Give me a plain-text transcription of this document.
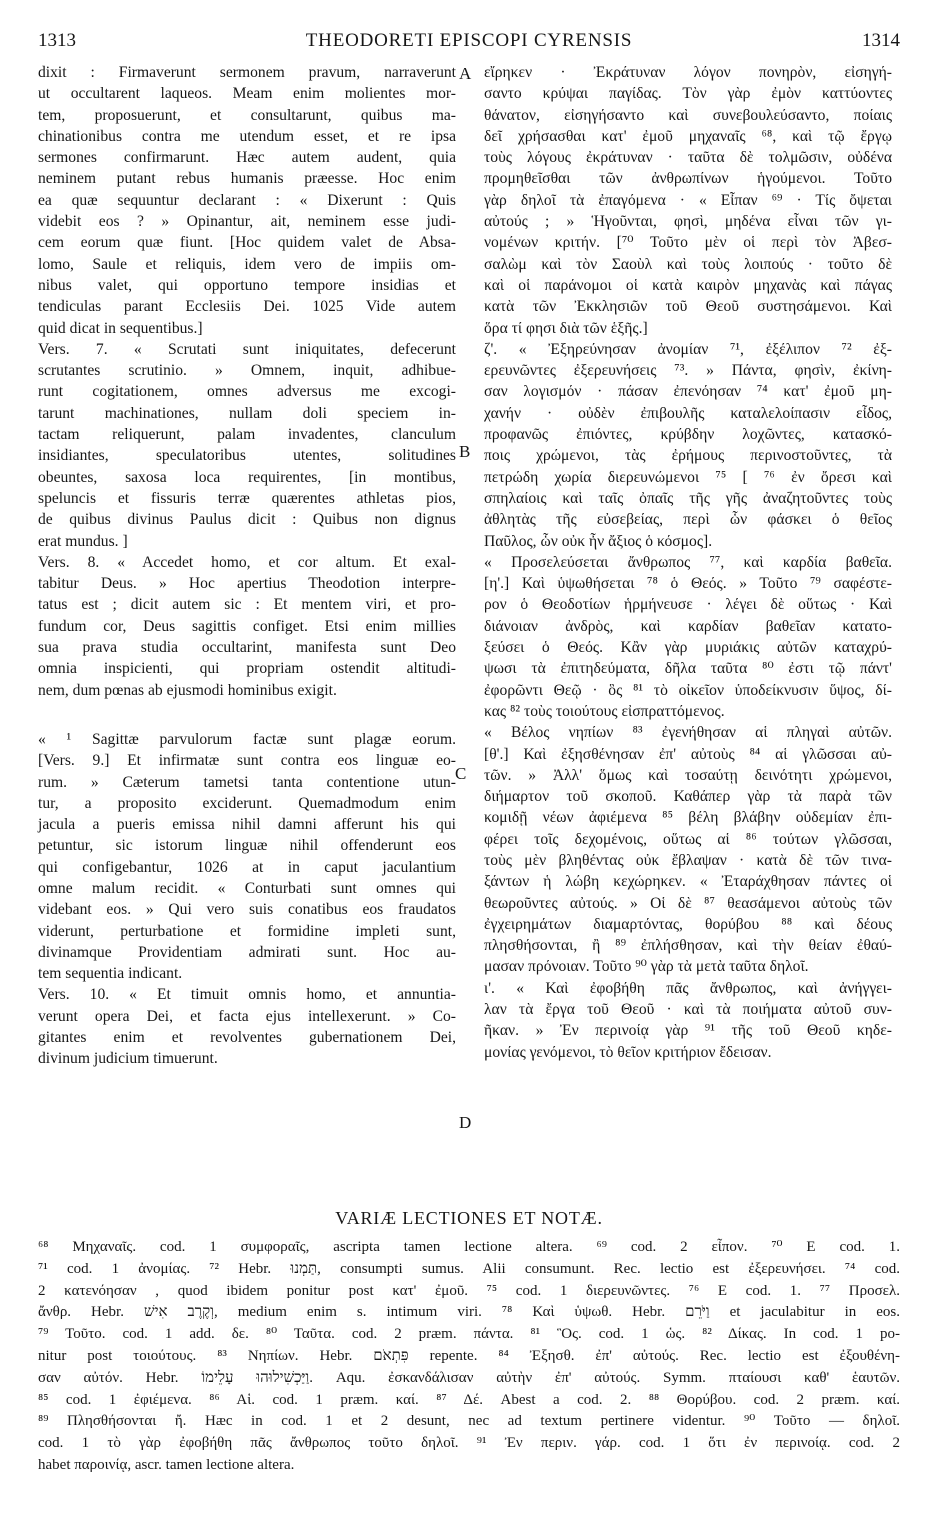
1313	THEODORETI EPISCOPI CYRENSIS	1314

dixit : Firmaverunt sermonem pravum, narraverunt

ut occultarent laqueos. Meam enim molientes mor-

tem, proposuerunt, et consultarunt, quibus ma-

chinationibus contra me utendum esset, et re ipsa

sermones confirmarunt. Hæc autem audent, quia

neminem putant rebus humanis præesse. Hoc enim

ea quæ sequuntur declarant : « Dixerunt : Quis

videbit eos ? » Opinantur, ait, neminem esse judi-

cem eorum quæ fiunt. [Hoc quidem valet de Absa-

lomo, Saule et reliquis, idem vero de impiis om-

nibus valet, qui opportuno tempore insidias et

tendiculas parant Ecclesiis Dei. 1025 Vide autem

quid dicat in sequentibus.]

Vers. 7. « Scrutati sunt iniquitates, defecerunt

scrutantes scrutinio. » Omnem, inquit, adhibue-

runt cogitationem, omnes adversus me excogi-

tarunt machinationes, nullam doli speciem in-

tactam reliquerunt, palam invadentes, clanculum

insidiantes, speculatoribus utentes, solitudines

obeuntes, saxosa loca requirentes, [in montibus,

speluncis et fissuris terræ quærentes athletas pios,

de quibus divinus Paulus dicit : Quibus non dignus

erat mundus. ]

Vers. 8. « Accedet homo, et cor altum. Et exal-

tabitur Deus. » Hoc apertius Theodotion interpre-

tatus est ; dicit autem sic : Et mentem viri, et pro-

fundum cor, Deus sagittis configet. Etsi enim millies

sua prava studia occultarint, manifesta sunt Deo

omnia inspicienti, qui propriam ostendit altitudi-

nem, dum pœnas ab ejusmodi hominibus exigit.

« ¹ Sagittæ parvulorum factæ sunt plagæ eorum.

[Vers. 9.] Et infirmatæ sunt contra eos linguæ eo-

rum. » Cæterum tametsi tanta contentione utun-

tur, a proposito exciderunt. Quemadmodum enim

jacula a pueris emissa nihil damni afferunt his qui

petuntur, sic istorum linguæ nihil offenderunt eos

qui configebantur, 1026 at in caput jaculantium

omne malum recidit. « Conturbati sunt omnes qui

videbant eos. » Qui vero suis conatibus eos fraudatos

viderunt, perturbatione et formidine impleti sunt,

divinamque Providentiam admirati sunt. Hoc au-

tem sequentia indicant.

Vers. 10. « Et timuit omnis homo, et annuntia-

verunt opera Dei, et facta ejus intellexerunt. » Co-

gitantes enim et revolventes gubernationem Dei,

divinum judicium timuerunt.

εἴρηκεν · Ἐκράτυναν λόγον πονηρὸν, εἰσηγή-

σαντο κρύψαι παγίδας. Τὸν γὰρ ἐμὸν καττύοντες

θάνατον, εἰσηγήσαντο καὶ συνεβουλεύσαντο, ποίαις

δεῖ χρήσασθαι κατ' ἐμοῦ μηχαναῖς ⁶⁸, καὶ τῷ ἔργῳ

τοὺς λόγους ἐκράτυναν · ταῦτα δὲ τολμῶσιν, οὐδένα

προμηθεῖσθαι τῶν ἀνθρωπίνων ἡγούμενοι. Τοῦτο

γὰρ δηλοῖ τὰ ἐπαγόμενα · « Εἶπαν ⁶⁹ · Τίς ὄψεται

αὐτούς ; » Ἡγοῦνται, φησὶ, μηδένα εἶναι τῶν γι-

νομένων κριτήν. [⁷⁰ Τοῦτο μὲν οἱ περὶ τὸν Ἀβεσ-

σαλὼμ καὶ τὸν Σαοὺλ καὶ τοὺς λοιπούς · τοῦτο δὲ

καὶ οἱ παράνομοι οἱ κατὰ καιρὸν μηχανὰς καὶ πάγας

κατὰ τῶν Ἐκκλησιῶν τοῦ Θεοῦ συστησάμενοι. Καὶ

ὅρα τί φησι διὰ τῶν ἑξῆς.]

ζ'. « Ἐξηρεύνησαν ἀνομίαν ⁷¹, ἐξέλιπον ⁷² ἐξ-

ερευνῶντες ἐξερευνήσεις ⁷³. » Πάντα, φησὶν, ἐκίνη-

σαν λογισμόν · πάσαν ἐπενόησαν ⁷⁴ κατ' ἐμοῦ μη-

χανήν · οὐδὲν ἐπιβουλῆς καταλελοίπασιν εἶδος,

προφανῶς ἐπιόντες, κρύβδην λοχῶντες, κατασκό-

ποις χρώμενοι, τὰς ἐρήμους περινοστοῦντες, τὰ

πετρώδη χωρία διερευνώμενοι ⁷⁵ [ ⁷⁶ ἐν ὄρεσι καὶ

σπηλαίοις καὶ ταῖς ὀπαῖς τῆς γῆς ἀναζητοῦντες τοὺς

ἀθλητὰς τῆς εὐσεβείας, περὶ ὧν φάσκει ὁ θεῖος

Παῦλος, ὧν οὐκ ἦν ἄξιος ὁ κόσμος].

« Προσελεύσεται ἄνθρωπος ⁷⁷, καὶ καρδία βαθεῖα.

[η'.] Καὶ ὑψωθήσεται ⁷⁸ ὁ Θεός. » Τοῦτο ⁷⁹ σαφέστε-

ρον ὁ Θεοδοτίων ἡρμήνευσε · λέγει δὲ οὕτως · Καὶ

διάνοιαν ἀνδρὸς, καὶ καρδίαν βαθεῖαν κατατο-

ξεύσει ὁ Θεός. Κἂν γὰρ μυριάκις αὐτῶν καταχρύ-

ψωσι τὰ ἐπιτηδεύματα, δῆλα ταῦτα ⁸⁰ ἐστι τῷ πάντ'

ἐφορῶντι Θεῷ · ὃς ⁸¹ τὸ οἰκεῖον ὑποδείκνυσιν ὕψος, δί-

κας ⁸² τοὺς τοιούτους εἰσπραττόμενος.

« Βέλος νηπίων ⁸³ ἐγενήθησαν αἱ πληγαὶ αὐτῶν.

[θ'.] Καὶ ἐξησθένησαν ἐπ' αὐτοὺς ⁸⁴ αἱ γλῶσσαι αὐ-

τῶν. » Ἀλλ' ὅμως καὶ τοσαύτῃ δεινότητι χρώμενοι,

διήμαρτον τοῦ σκοποῦ. Καθάπερ γὰρ τὰ παρὰ τῶν

κομιδῇ νέων ἀφιέμενα ⁸⁵ βέλη βλάβην οὐδεμίαν ἐπι-

φέρει τοῖς δεχομένοις, οὕτως αἱ ⁸⁶ τούτων γλῶσσαι,

τοὺς μὲν βληθέντας οὐκ ἔβλαψαν · κατὰ δὲ τῶν τινα-

ξάντων ἡ λώβη κεχώρηκεν. « Ἐταράχθησαν πάντες οἱ

θεωροῦντες αὐτούς. » Οἱ δὲ ⁸⁷ θεασάμενοι αὐτοὺς τῶν

ἐγχειρημάτων διαμαρτόντας, θορύβου ⁸⁸ καὶ δέους

πλησθήσονται, ἢ ⁸⁹ ἐπλήσθησαν, καὶ τὴν θείαν ἐθαύ-

μασαν πρόνοιαν. Τοῦτο ⁹⁰ γὰρ τὰ μετὰ ταῦτα δηλοῖ.

ι'. « Καὶ ἐφοβήθη πᾶς ἄνθρωπος, καὶ ἀνήγγει-

λαν τὰ ἔργα τοῦ Θεοῦ · καὶ τὰ ποιήματα αὐτοῦ συν-

ῆκαν. » Ἐν περινοίᾳ γὰρ ⁹¹ τῆς τοῦ Θεοῦ κηδε-

μονίας γενόμενοι, τὸ θεῖον κριτήριον ἔδεισαν.

A
B
C
D
VARIÆ LECTIONES ET NOTÆ.

⁶⁸ Μηχαναῖς. cod. 1 συμφοραῖς, ascripta tamen lectione altera. ⁶⁹ cod. 2 εἶπον. ⁷⁰ E cod. 1.

⁷¹ cod. 1 ἀνομίας. ⁷² Hebr. תַּמְנוּ, consumpti sumus. Alii consumunt. Rec. lectio est ἐξερευνήσει. ⁷⁴ cod.

2 κατενόησαν , quod ibidem ponitur post κατ' ἐμοῦ. ⁷⁵ cod. 1 διερευνῶντες. ⁷⁶ E cod. 1. ⁷⁷ Προσελ.

ἄνθρ. Hebr. וְקֶרֶב אִישׁ, medium enim s. intimum viri. ⁷⁸ Καὶ ὑψωθ. Hebr. וַיֹּרֵם et jaculabitur in eos.

⁷⁹ Τοῦτο. cod. 1 add. δε. ⁸⁰ Ταῦτα. cod. 2 præm. πάντα. ⁸¹ Ὃς. cod. 1 ὡς. ⁸² Δίκας. In cod. 1 po-

nitur post τοιούτους. ⁸³ Νηπίων. Hebr. פִּתְאֹם repente. ⁸⁴ Ἐξησθ. ἐπ' αὐτούς. Rec. lectio est ἐξουθένη-

σαν αὐτόν. Hebr. וַיַּכְשִׁילוּהוּ עָלֵימוֹ. Aqu. ἐσκανδάλισαν αὐτὴν ἐπ' αὐτούς. Symm. πταίουσι καθ' ἑαυτῶν.

⁸⁵ cod. 1 ἐφιέμενα. ⁸⁶ Αἱ. cod. 1 præm. καί. ⁸⁷ Δέ. Abest a cod. 2. ⁸⁸ Θορύβου. cod. 2 præm. καί.

⁸⁹ Πλησθήσονται ἤ. Hæc in cod. 1 et 2 desunt, nec ad textum pertinere videntur. ⁹⁰ Τοῦτο — δηλοῖ.

cod. 1 τὸ γὰρ ἐφοβήθη πᾶς ἄνθρωπος τοῦτο δηλοῖ. ⁹¹ Ἐν περιν. γάρ. cod. 1 ὅτι ἐν περινοίᾳ. cod. 2

habet παροινίᾳ, ascr. tamen lectione altera.
